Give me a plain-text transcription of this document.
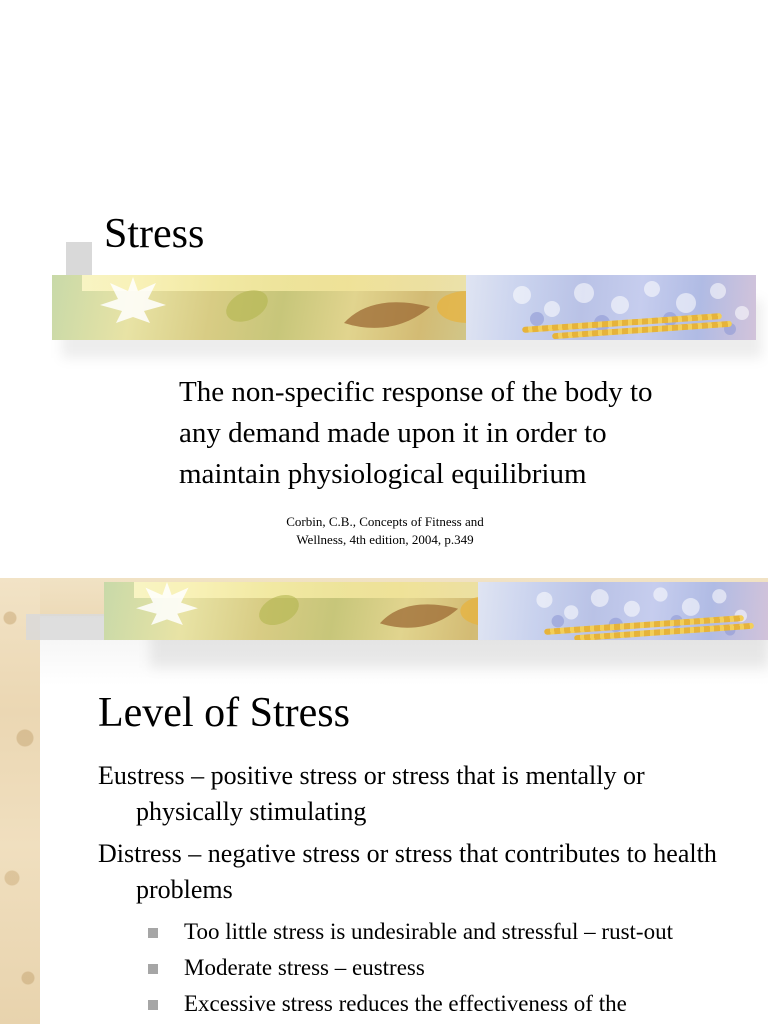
Stress
The non-specific response of the body to any demand made upon it in order to maintain physiological equilibrium
Corbin, C.B., Concepts of Fitness and Wellness, 4th edition, 2004, p.349
Level of Stress
Eustress – positive stress or stress that is mentally or physically stimulating
Distress – negative stress or stress that contributes to health problems
Too little stress is undesirable and stressful – rust-out
Moderate stress – eustress
Excessive stress reduces the effectiveness of the
